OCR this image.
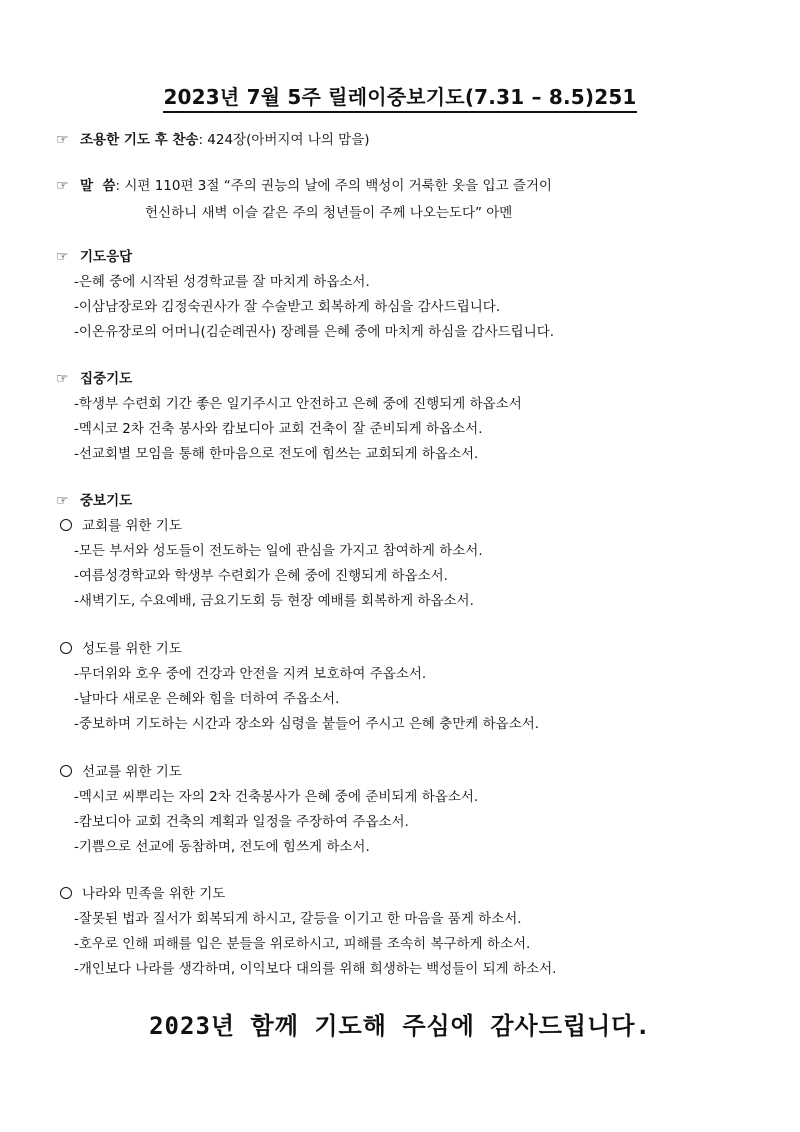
2023년 7월 5주 릴레이중보기도(7.31 – 8.5)251
☞ 조용한 기도 후 찬송: 424장(아버지여 나의 맘을)
☞ 말  씀: 시편 110편 3절 “주의 권능의 날에 주의 백성이 거룩한 옷을 입고 즐거이
헌신하니 새벽 이슬 같은 주의 청년들이 주께 나오는도다” 아멘
☞ 기도응답
-은혜 중에 시작된 성경학교를 잘 마치게 하옵소서.
-이삼남장로와 김정숙권사가 잘 수술받고 회복하게 하심을 감사드립니다.
-이온유장로의 어머니(김순례권사) 장례를 은혜 중에 마치게 하심을 감사드립니다.
☞ 집중기도
-학생부 수련회 기간 좋은 일기주시고 안전하고 은혜 중에 진행되게 하옵소서
-멕시코 2차 건축 봉사와 캄보디아 교회 건축이 잘 준비되게 하옵소서.
-선교회별 모임을 통해 한마음으로 전도에 힘쓰는 교회되게 하옵소서.
☞ 중보기도
교회를 위한 기도
-모든 부서와 성도들이 전도하는 일에 관심을 가지고 참여하게 하소서.
-여름성경학교와 학생부 수련회가 은혜 중에 진행되게 하옵소서.
-새벽기도, 수요예배, 금요기도회 등 현장 예배를 회복하게 하옵소서.
성도를 위한 기도
-무더위와 호우 중에 건강과 안전을 지켜 보호하여 주옵소서.
-날마다 새로운 은혜와 힘을 더하여 주옵소서.
-중보하며 기도하는 시간과 장소와 심령을 붙들어 주시고 은혜 충만케 하옵소서.
선교를 위한 기도
-멕시코 씨뿌리는 자의 2차 건축봉사가 은혜 중에 준비되게 하옵소서.
-캄보디아 교회 건축의 계획과 일정을 주장하여 주옵소서.
-기쁨으로 선교에 동참하며, 전도에 힘쓰게 하소서.
나라와 민족을 위한 기도
-잘못된 법과 질서가 회복되게 하시고, 갈등을 이기고 한 마음을 품게 하소서.
-호우로 인해 피해를 입은 분들을 위로하시고, 피해를 조속히 복구하게 하소서.
-개인보다 나라를 생각하며, 이익보다 대의를 위해 희생하는 백성들이 되게 하소서.
2023년 함께 기도해 주심에 감사드립니다.
